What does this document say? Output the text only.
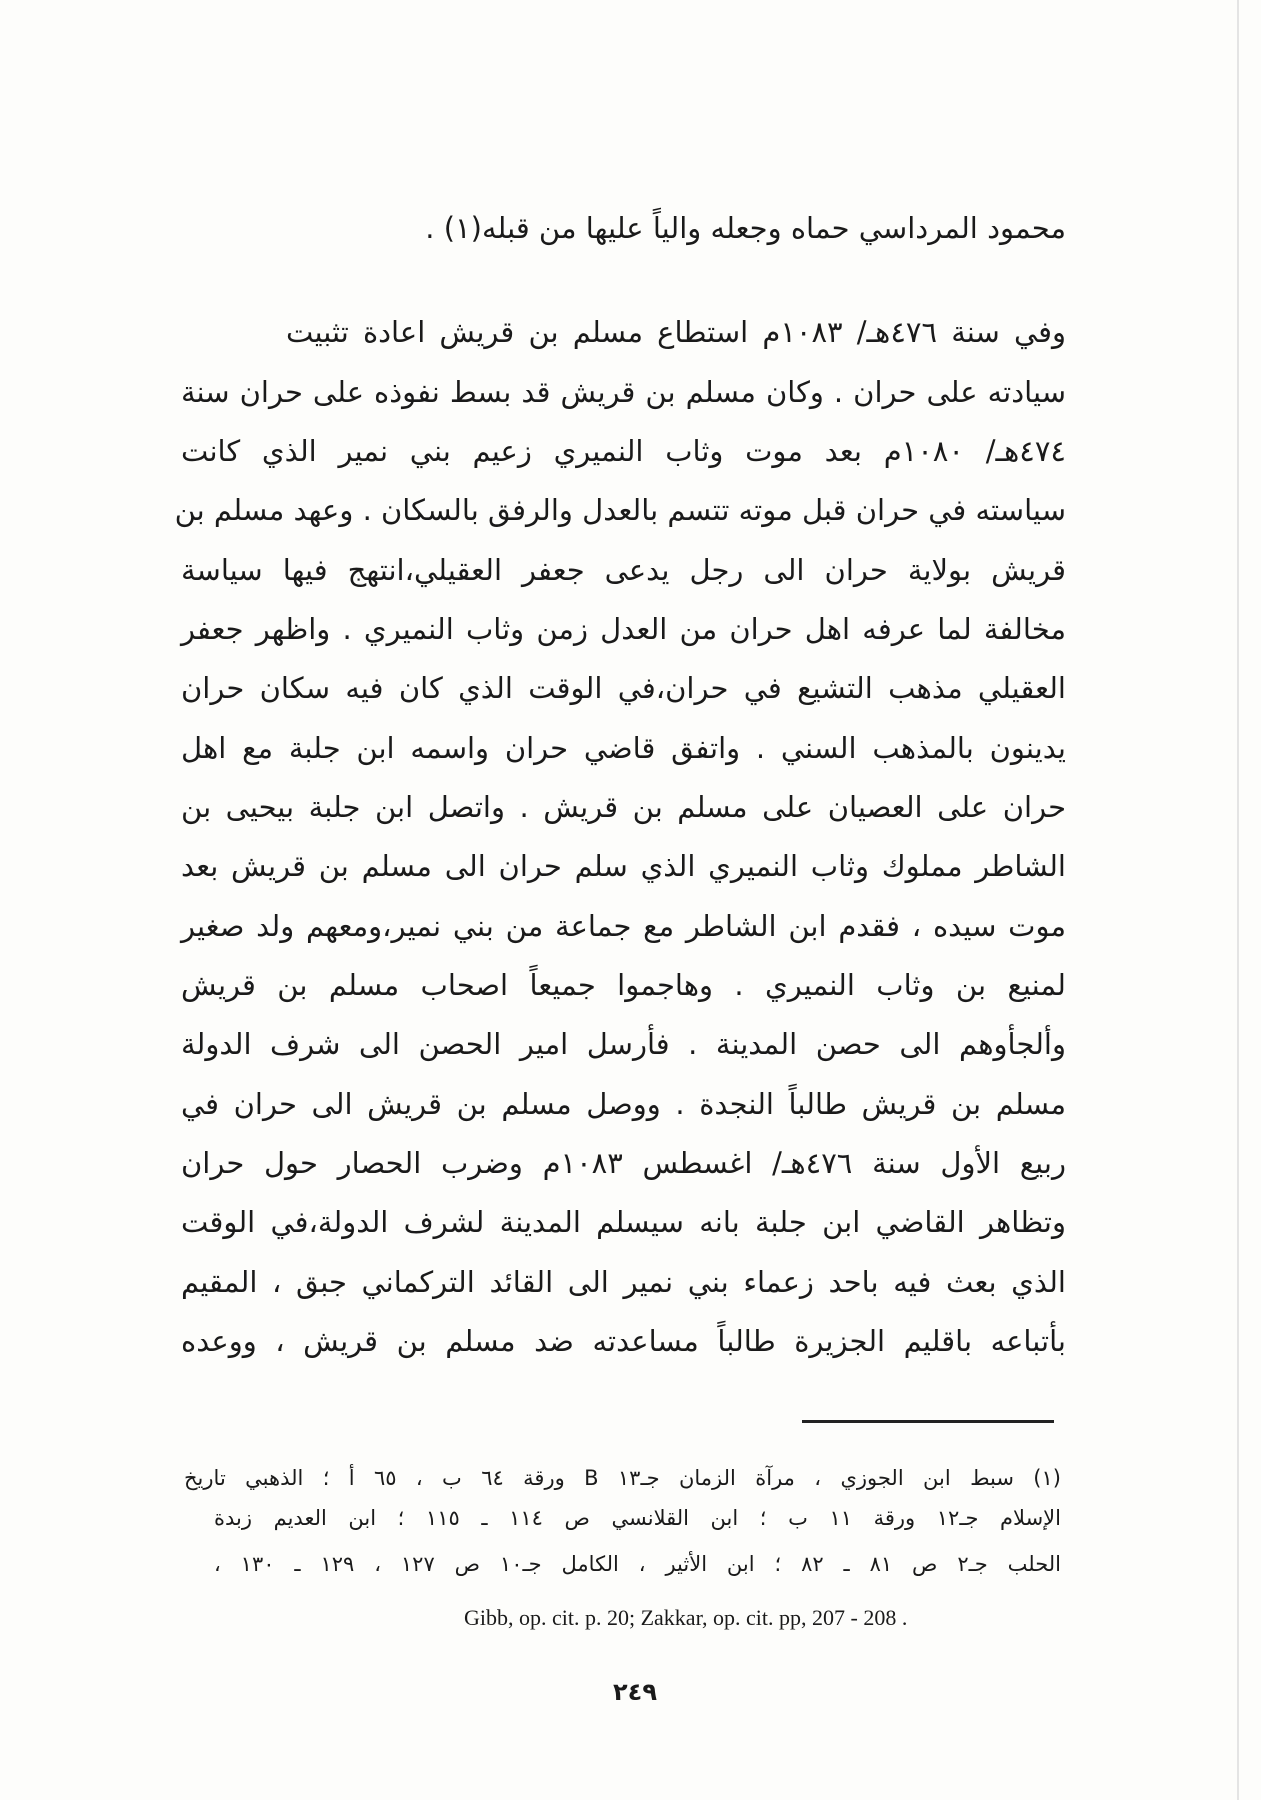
محمود المرداسي حماه وجعله والياً عليها من قبله(١) .
وفي سنة ٤٧٦هـ/ ١٠٨٣م استطاع مسلم بن قريش اعادة تثبيت
سيادته على حران . وكان مسلم بن قريش قد بسط نفوذه على حران سنة
٤٧٤هـ/ ١٠٨٠م بعد موت وثاب النميري زعيم بني نمير الذي كانت
سياسته في حران قبل موته تتسم بالعدل والرفق بالسكان . وعهد مسلم بن
قريش بولاية حران الى رجل يدعى جعفر العقيلي،انتهج فيها سياسة
مخالفة لما عرفه اهل حران من العدل زمن وثاب النميري . واظهر جعفر
العقيلي مذهب التشيع في حران،في الوقت الذي كان فيه سكان حران
يدينون بالمذهب السني . واتفق قاضي حران واسمه ابن جلبة مع اهل
حران على العصيان على مسلم بن قريش . واتصل ابن جلبة بيحيى بن
الشاطر مملوك وثاب النميري الذي سلم حران الى مسلم بن قريش بعد
موت سيده ، فقدم ابن الشاطر مع جماعة من بني نمير،ومعهم ولد صغير
لمنيع بن وثاب النميري . وهاجموا جميعاً اصحاب مسلم بن قريش
وألجأوهم الى حصن المدينة . فأرسل امير الحصن الى شرف الدولة
مسلم بن قريش طالباً النجدة . ووصل مسلم بن قريش الى حران في
ربيع الأول سنة ٤٧٦هـ/ اغسطس ١٠٨٣م وضرب الحصار حول حران
وتظاهر القاضي ابن جلبة بانه سيسلم المدينة لشرف الدولة،في الوقت
الذي بعث فيه باحد زعماء بني نمير الى القائد التركماني جبق ، المقيم
بأتباعه باقليم الجزيرة طالباً مساعدته ضد مسلم بن قريش ، ووعده
(١) سبط ابن الجوزي ، مرآة الزمان جـ١٣ B ورقة ٦٤ ب ، ٦٥ أ ؛ الذهبي تاريخ
الإسلام جـ١٢ ورقة ١١ ب ؛ ابن القلانسي ص ١١٤ ـ ١١٥ ؛ ابن العديم زبدة
الحلب جـ٢ ص ٨١ ـ ٨٢ ؛ ابن الأثير ، الكامل جـ١٠ ص ١٢٧ ، ١٢٩ ـ ١٣٠ ،
Gibb, op. cit. p. 20; Zakkar, op. cit. pp, 207 - 208 .
٢٤٩
